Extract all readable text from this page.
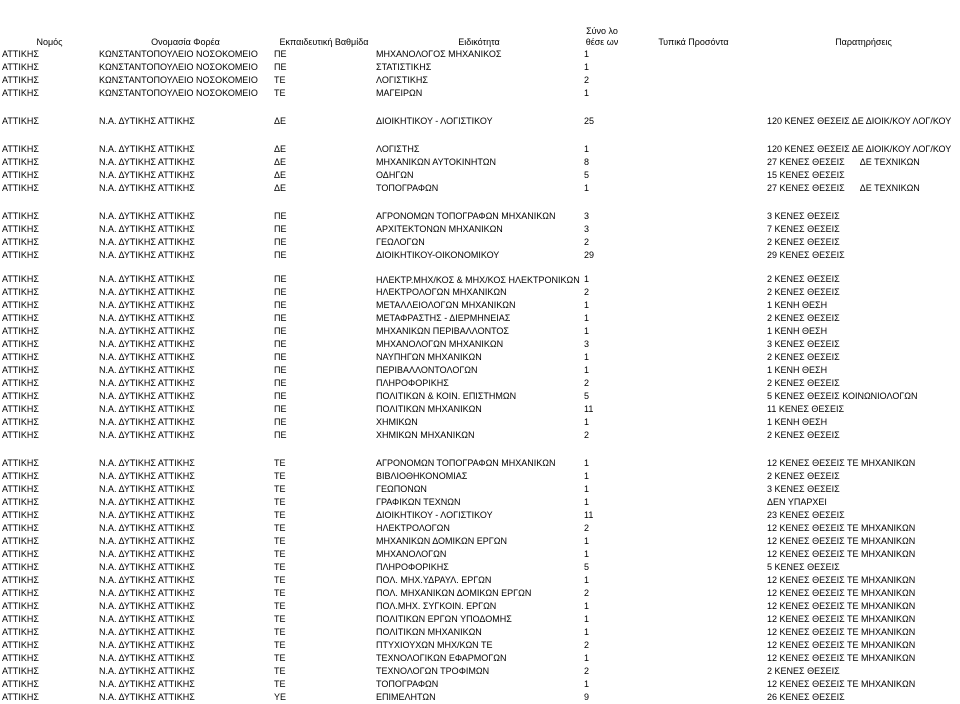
Νομός	Ονομασία Φορέα	Εκπαιδευτική Βαθμίδα	Ειδικότητα	Σύνο λο θέσε ων	Τυπικά Προσόντα	Παρατηρήσεις
ΑΤΤΙΚΗΣ	ΚΩΝΣΤΑΝΤΟΠΟΥΛΕΙΟ ΝΟΣΟΚΟΜΕΙΟ	ΠΕ	ΜΗΧΑΝΟΛΟΓΟΣ ΜΗΧΑΝΙΚΟΣ	1		
ΑΤΤΙΚΗΣ	ΚΩΝΣΤΑΝΤΟΠΟΥΛΕΙΟ ΝΟΣΟΚΟΜΕΙΟ	ΠΕ	ΣΤΑΤΙΣΤΙΚΗΣ	1		
ΑΤΤΙΚΗΣ	ΚΩΝΣΤΑΝΤΟΠΟΥΛΕΙΟ ΝΟΣΟΚΟΜΕΙΟ	ΤΕ	ΛΟΓΙΣΤΙΚΗΣ	2		
ΑΤΤΙΚΗΣ	ΚΩΝΣΤΑΝΤΟΠΟΥΛΕΙΟ ΝΟΣΟΚΟΜΕΙΟ	ΤΕ	ΜΑΓΕΙΡΩΝ	1		

ΑΤΤΙΚΗΣ	Ν.Α. ΔΥΤΙΚΗΣ ΑΤΤΙΚΗΣ	ΔΕ	ΔΙΟΙΚΗΤΙΚΟΥ - ΛΟΓΙΣΤΙΚΟΥ	25		120 ΚΕΝΕΣ ΘΕΣΕΙΣ ΔΕ ΔΙΟΙΚ/ΚΟΥ ΛΟΓ/ΚΟΥ

ΑΤΤΙΚΗΣ	Ν.Α. ΔΥΤΙΚΗΣ ΑΤΤΙΚΗΣ	ΔΕ	ΛΟΓΙΣΤΗΣ	1		120 ΚΕΝΕΣ ΘΕΣΕΙΣ ΔΕ ΔΙΟΙΚ/ΚΟΥ ΛΟΓ/ΚΟΥ
ΑΤΤΙΚΗΣ	Ν.Α. ΔΥΤΙΚΗΣ ΑΤΤΙΚΗΣ	ΔΕ	ΜΗΧΑΝΙΚΩΝ ΑΥΤΟΚΙΝΗΤΩΝ	8		27 ΚΕΝΕΣ ΘΕΣΕΙΣ      ΔΕ ΤΕΧΝΙΚΩΝ
ΑΤΤΙΚΗΣ	Ν.Α. ΔΥΤΙΚΗΣ ΑΤΤΙΚΗΣ	ΔΕ	ΟΔΗΓΩΝ	5		15 ΚΕΝΕΣ ΘΕΣΕΙΣ
ΑΤΤΙΚΗΣ	Ν.Α. ΔΥΤΙΚΗΣ ΑΤΤΙΚΗΣ	ΔΕ	ΤΟΠΟΓΡΑΦΩΝ	1		27 ΚΕΝΕΣ ΘΕΣΕΙΣ      ΔΕ ΤΕΧΝΙΚΩΝ

ΑΤΤΙΚΗΣ	Ν.Α. ΔΥΤΙΚΗΣ ΑΤΤΙΚΗΣ	ΠΕ	ΑΓΡΟΝΟΜΩΝ ΤΟΠΟΓΡΑΦΩΝ ΜΗΧΑΝΙΚΩΝ	3		3 ΚΕΝΕΣ ΘΕΣΕΙΣ
ΑΤΤΙΚΗΣ	Ν.Α. ΔΥΤΙΚΗΣ ΑΤΤΙΚΗΣ	ΠΕ	ΑΡΧΙΤΕΚΤΟΝΩΝ ΜΗΧΑΝΙΚΩΝ	3		7 ΚΕΝΕΣ ΘΕΣΕΙΣ
ΑΤΤΙΚΗΣ	Ν.Α. ΔΥΤΙΚΗΣ ΑΤΤΙΚΗΣ	ΠΕ	ΓΕΩΛΟΓΩΝ	2		2 ΚΕΝΕΣ ΘΕΣΕΙΣ
ΑΤΤΙΚΗΣ	Ν.Α. ΔΥΤΙΚΗΣ ΑΤΤΙΚΗΣ	ΠΕ	ΔΙΟΙΚΗΤΙΚΟΥ-ΟΙΚΟΝΟΜΙΚΟΥ	29		29 ΚΕΝΕΣ ΘΕΣΕΙΣ
ΑΤΤΙΚΗΣ	Ν.Α. ΔΥΤΙΚΗΣ ΑΤΤΙΚΗΣ	ΠΕ	ΗΛΕΚΤΡ.ΜΗΧ/ΚΟΣ & ΜΗΧ/ΚΟΣ ΗΛΕΚΤΡΟΝΙΚΩΝ	1		2 ΚΕΝΕΣ ΘΕΣΕΙΣ
ΑΤΤΙΚΗΣ	Ν.Α. ΔΥΤΙΚΗΣ ΑΤΤΙΚΗΣ	ΠΕ	ΗΛΕΚΤΡΟΛΟΓΩΝ ΜΗΧΑΝΙΚΩΝ	2		2 ΚΕΝΕΣ ΘΕΣΕΙΣ
ΑΤΤΙΚΗΣ	Ν.Α. ΔΥΤΙΚΗΣ ΑΤΤΙΚΗΣ	ΠΕ	ΜΕΤΑΛΛΕΙΟΛΟΓΩΝ ΜΗΧΑΝΙΚΩΝ	1		1 ΚΕΝΗ ΘΕΣΗ
ΑΤΤΙΚΗΣ	Ν.Α. ΔΥΤΙΚΗΣ ΑΤΤΙΚΗΣ	ΠΕ	ΜΕΤΑΦΡΑΣΤΗΣ - ΔΙΕΡΜΗΝΕΙΑΣ	1		2 ΚΕΝΕΣ ΘΕΣΕΙΣ
ΑΤΤΙΚΗΣ	Ν.Α. ΔΥΤΙΚΗΣ ΑΤΤΙΚΗΣ	ΠΕ	ΜΗΧΑΝΙΚΩΝ ΠΕΡΙΒΑΛΛΟΝΤΟΣ	1		1 ΚΕΝΗ ΘΕΣΗ
ΑΤΤΙΚΗΣ	Ν.Α. ΔΥΤΙΚΗΣ ΑΤΤΙΚΗΣ	ΠΕ	ΜΗΧΑΝΟΛΟΓΩΝ ΜΗΧΑΝΙΚΩΝ	3		3 ΚΕΝΕΣ ΘΕΣΕΙΣ
ΑΤΤΙΚΗΣ	Ν.Α. ΔΥΤΙΚΗΣ ΑΤΤΙΚΗΣ	ΠΕ	ΝΑΥΠΗΓΩΝ ΜΗΧΑΝΙΚΩΝ	1		2 ΚΕΝΕΣ ΘΕΣΕΙΣ
ΑΤΤΙΚΗΣ	Ν.Α. ΔΥΤΙΚΗΣ ΑΤΤΙΚΗΣ	ΠΕ	ΠΕΡΙΒΑΛΛΟΝΤΟΛΟΓΩΝ	1		1 ΚΕΝΗ ΘΕΣΗ
ΑΤΤΙΚΗΣ	Ν.Α. ΔΥΤΙΚΗΣ ΑΤΤΙΚΗΣ	ΠΕ	ΠΛΗΡΟΦΟΡΙΚΗΣ	2		2 ΚΕΝΕΣ ΘΕΣΕΙΣ
ΑΤΤΙΚΗΣ	Ν.Α. ΔΥΤΙΚΗΣ ΑΤΤΙΚΗΣ	ΠΕ	ΠΟΛΙΤΙΚΩΝ & ΚΟΙΝ. ΕΠΙΣΤΗΜΩΝ	5		5 ΚΕΝΕΣ ΘΕΣΕΙΣ ΚΟΙΝΩΝΙΟΛΟΓΩΝ
ΑΤΤΙΚΗΣ	Ν.Α. ΔΥΤΙΚΗΣ ΑΤΤΙΚΗΣ	ΠΕ	ΠΟΛΙΤΙΚΩΝ ΜΗΧΑΝΙΚΩΝ	11		11 ΚΕΝΕΣ ΘΕΣΕΙΣ
ΑΤΤΙΚΗΣ	Ν.Α. ΔΥΤΙΚΗΣ ΑΤΤΙΚΗΣ	ΠΕ	ΧΗΜΙΚΩΝ	1		1 ΚΕΝΗ ΘΕΣΗ
ΑΤΤΙΚΗΣ	Ν.Α. ΔΥΤΙΚΗΣ ΑΤΤΙΚΗΣ	ΠΕ	ΧΗΜΙΚΩΝ ΜΗΧΑΝΙΚΩΝ	2		2 ΚΕΝΕΣ ΘΕΣΕΙΣ

ΑΤΤΙΚΗΣ	Ν.Α. ΔΥΤΙΚΗΣ ΑΤΤΙΚΗΣ	ΤΕ	ΑΓΡΟΝΟΜΩΝ ΤΟΠΟΓΡΑΦΩΝ ΜΗΧΑΝΙΚΩΝ	1		12 ΚΕΝΕΣ ΘΕΣΕΙΣ ΤΕ ΜΗΧΑΝΙΚΩΝ
ΑΤΤΙΚΗΣ	Ν.Α. ΔΥΤΙΚΗΣ ΑΤΤΙΚΗΣ	ΤΕ	ΒΙΒΛΙΟΘΗΚΟΝΟΜΙΑΣ	1		2 ΚΕΝΕΣ ΘΕΣΕΙΣ
ΑΤΤΙΚΗΣ	Ν.Α. ΔΥΤΙΚΗΣ ΑΤΤΙΚΗΣ	ΤΕ	ΓΕΩΠΟΝΩΝ	1		3 ΚΕΝΕΣ ΘΕΣΕΙΣ
ΑΤΤΙΚΗΣ	Ν.Α. ΔΥΤΙΚΗΣ ΑΤΤΙΚΗΣ	ΤΕ	ΓΡΑΦΙΚΩΝ ΤΕΧΝΩΝ	1		ΔΕΝ ΥΠΑΡΧΕΙ
ΑΤΤΙΚΗΣ	Ν.Α. ΔΥΤΙΚΗΣ ΑΤΤΙΚΗΣ	ΤΕ	ΔΙΟΙΚΗΤΙΚΟΥ - ΛΟΓΙΣΤΙΚΟΥ	11		23 ΚΕΝΕΣ ΘΕΣΕΙΣ
ΑΤΤΙΚΗΣ	Ν.Α. ΔΥΤΙΚΗΣ ΑΤΤΙΚΗΣ	ΤΕ	ΗΛΕΚΤΡΟΛΟΓΩΝ	2		12 ΚΕΝΕΣ ΘΕΣΕΙΣ ΤΕ ΜΗΧΑΝΙΚΩΝ
ΑΤΤΙΚΗΣ	Ν.Α. ΔΥΤΙΚΗΣ ΑΤΤΙΚΗΣ	ΤΕ	ΜΗΧΑΝΙΚΩΝ ΔΟΜΙΚΩΝ ΕΡΓΩΝ	1		12 ΚΕΝΕΣ ΘΕΣΕΙΣ ΤΕ ΜΗΧΑΝΙΚΩΝ
ΑΤΤΙΚΗΣ	Ν.Α. ΔΥΤΙΚΗΣ ΑΤΤΙΚΗΣ	ΤΕ	ΜΗΧΑΝΟΛΟΓΩΝ	1		12 ΚΕΝΕΣ ΘΕΣΕΙΣ ΤΕ ΜΗΧΑΝΙΚΩΝ
ΑΤΤΙΚΗΣ	Ν.Α. ΔΥΤΙΚΗΣ ΑΤΤΙΚΗΣ	ΤΕ	ΠΛΗΡΟΦΟΡΙΚΗΣ	5		5 ΚΕΝΕΣ ΘΕΣΕΙΣ
ΑΤΤΙΚΗΣ	Ν.Α. ΔΥΤΙΚΗΣ ΑΤΤΙΚΗΣ	ΤΕ	ΠΟΛ. ΜΗΧ.ΥΔΡΑΥΛ. ΕΡΓΩΝ	1		12 ΚΕΝΕΣ ΘΕΣΕΙΣ ΤΕ ΜΗΧΑΝΙΚΩΝ
ΑΤΤΙΚΗΣ	Ν.Α. ΔΥΤΙΚΗΣ ΑΤΤΙΚΗΣ	ΤΕ	ΠΟΛ. ΜΗΧΑΝΙΚΩΝ ΔΟΜΙΚΩΝ ΕΡΓΩΝ	2		12 ΚΕΝΕΣ ΘΕΣΕΙΣ ΤΕ ΜΗΧΑΝΙΚΩΝ
ΑΤΤΙΚΗΣ	Ν.Α. ΔΥΤΙΚΗΣ ΑΤΤΙΚΗΣ	ΤΕ	ΠΟΛ.ΜΗΧ. ΣΥΓΚΟΙΝ. ΕΡΓΩΝ	1		12 ΚΕΝΕΣ ΘΕΣΕΙΣ ΤΕ ΜΗΧΑΝΙΚΩΝ
ΑΤΤΙΚΗΣ	Ν.Α. ΔΥΤΙΚΗΣ ΑΤΤΙΚΗΣ	ΤΕ	ΠΟΛΙΤΙΚΩΝ ΕΡΓΩΝ ΥΠΟΔΟΜΗΣ	1		12 ΚΕΝΕΣ ΘΕΣΕΙΣ ΤΕ ΜΗΧΑΝΙΚΩΝ
ΑΤΤΙΚΗΣ	Ν.Α. ΔΥΤΙΚΗΣ ΑΤΤΙΚΗΣ	ΤΕ	ΠΟΛΙΤΙΚΩΝ ΜΗΧΑΝΙΚΩΝ	1		12 ΚΕΝΕΣ ΘΕΣΕΙΣ ΤΕ ΜΗΧΑΝΙΚΩΝ
ΑΤΤΙΚΗΣ	Ν.Α. ΔΥΤΙΚΗΣ ΑΤΤΙΚΗΣ	ΤΕ	ΠΤΥΧΙΟΥΧΩΝ ΜΗΧ/ΚΩΝ ΤΕ	2		12 ΚΕΝΕΣ ΘΕΣΕΙΣ ΤΕ ΜΗΧΑΝΙΚΩΝ
ΑΤΤΙΚΗΣ	Ν.Α. ΔΥΤΙΚΗΣ ΑΤΤΙΚΗΣ	ΤΕ	ΤΕΧΝΟΛΟΓΙΚΩΝ ΕΦΑΡΜΟΓΩΝ	1		12 ΚΕΝΕΣ ΘΕΣΕΙΣ ΤΕ ΜΗΧΑΝΙΚΩΝ
ΑΤΤΙΚΗΣ	Ν.Α. ΔΥΤΙΚΗΣ ΑΤΤΙΚΗΣ	ΤΕ	ΤΕΧΝΟΛΟΓΩΝ ΤΡΟΦΙΜΩΝ	2		2 ΚΕΝΕΣ ΘΕΣΕΙΣ
ΑΤΤΙΚΗΣ	Ν.Α. ΔΥΤΙΚΗΣ ΑΤΤΙΚΗΣ	ΤΕ	ΤΟΠΟΓΡΑΦΩΝ	1		12 ΚΕΝΕΣ ΘΕΣΕΙΣ ΤΕ ΜΗΧΑΝΙΚΩΝ
ΑΤΤΙΚΗΣ	Ν.Α. ΔΥΤΙΚΗΣ ΑΤΤΙΚΗΣ	ΥΕ	ΕΠΙΜΕΛΗΤΩΝ	9		26 ΚΕΝΕΣ ΘΕΣΕΙΣ
